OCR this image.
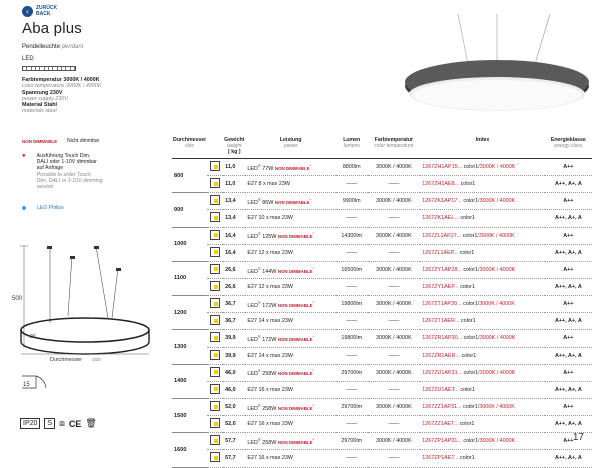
‹	ZURÜCK
BACK
Aba plus
Pendelleuchte pendant
LED
Farbtemperatur 3000K / 4000K
color temperature 3000K / 4000K
Spannung 230V
power supply 230V
Material Stahl
materials steel
NON DIMMABLE Nicht dimmbar
● Ausführung Touch Dim,
DALI oder 1-10V dimmbar
auf Anfrage
Possible to order Touch
Dim, DALI or 1-10V dimming
version
LED Philips
500
90
Durchmesser size
15
IP20	S ⧈ CE 🗑
Durchmesser
size		Gewicht
weight
[ kg ]	Leistung
power	Lumen
lumens	Farbtemperatur
color temperature	Index	Energieklasse
energy class

800		11,0	LED® 77W NON DIMMABLE*	8800lm	3000K / 4000K	1267ZH1AP15... color1/3000K / 4000K	A++
		11,0	E27 8 x max 23W	——	——	1267ZH1AE8... color1	A++, A+, A
900		13,4	LED® 86W NON DIMMABLE*	9900lm	3000K / 4000K	1267ZK1AP17... color1/3000K / 4000K	A++
		13,4	E27 10 x max 23W	——	——	1267ZK1AEL... color1	A++, A+, A
1000		16,4	LED® 125W NON DIMMABLE*	14300lm	3000K / 4000K	1267ZL1AP27... color1/3000K / 4000K	A++
		16,4	E27 12 x max 23W	——	——	1267ZL1AEP... color1	A++, A+, A
1100		26,6	LED® 144W NON DIMMABLE*	16500lm	3000K / 4000K	1267ZY1AP28... color1/3000K / 4000K	A++
		26,6	E27 12 x max 23W	——	——	1267ZY1AEP... color1	A++, A+, A
1200		36,7	LED® 172W NON DIMMABLE*	19800lm	3000K / 4000K	1267ZT1AP30... color1/3000K / 4000K	A++
		36,7	E27 14 x max 23W	——	——	1267ZT1AER... color1	A++, A+, A
1300		39,9	LED® 172W NON DIMMABLE*	19800lm	3000K / 4000K	1267ZR1AP30... color1/3000K / 4000K	A++
		39,9	E27 14 x max 23W	——	——	1267ZR1AER... color1	A++, A+, A
1400		46,0	LED® 258W NON DIMMABLE*	29700lm	3000K / 4000K	1267ZU1AP31... color1/3000K / 4000K	A++
		46,0	E27 16 x max 23W	——	——	1267ZU1AET... color1	A++, A+, A
1500		52,0	LED® 258W NON DIMMABLE*	29700lm	3000K / 4000K	1267ZZ1AP31... color1/3000K / 4000K	A++
		52,0	E27 16 x max 23W	——	——	1267ZZ1AET... color1	A++, A+, A
1600		57,7	LED® 258W NON DIMMABLE*	29700lm	3000K / 4000K	1267ZP1AP31... color1/3000K / 4000K	A++
		57,7	E27 16 x max 23W	——	——	1267ZP1AET... color1	A++, A+, A
17
